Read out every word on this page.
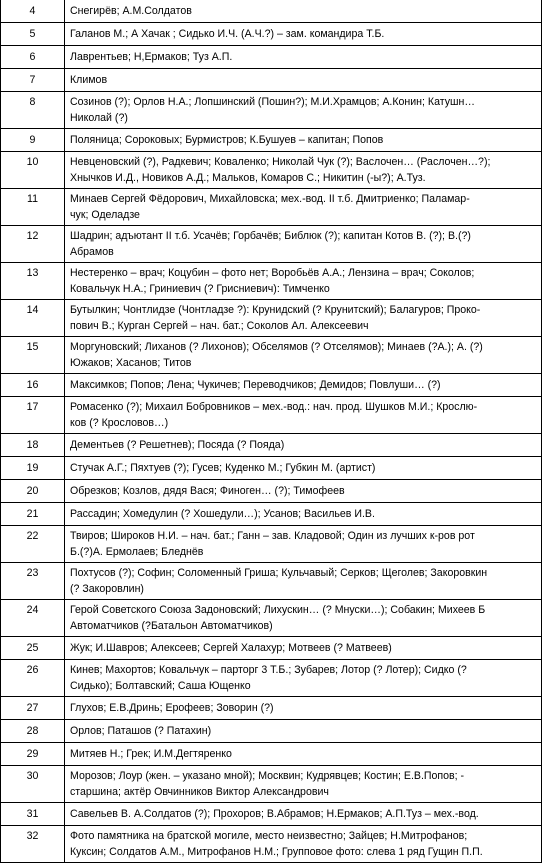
4	Снегирёв; А.М.Солдатов
5	Галанов М.; А Хачак ; Сидько И.Ч. (А.Ч.?) – зам. командира Т.Б.
6	Лаврентьев; Н,Ермаков; Туз А.П.
7	Климов
8	Созинов (?); Орлов Н.А.; Лопшинский (Пошин?); М.И.Храмцов; А.Конин; Катушн…
Николай (?)
9	Поляница; Сороковых; Бурмистров; К.Бушуев – капитан; Попов
10	Невценовский (?), Радкевич; Коваленко; Николай Чук (?); Васлочен… (Раслочен…?);
Хнычков И.Д., Новиков А.Д.; Мальков, Комаров С.; Никитин (-ы?); А.Туз.
11	Минаев Сергей Фёдорович, Михайловска; мех.-вод. II т.б. Дмитриенко; Паламар-
чук; Оделадзе
12	Шадрин; адъютант II т.б. Усачёв; Горбачёв; Библюк (?); капитан Котов В. (?); В.(?)
Абрамов
13	Нестеренко – врач; Коцубин – фото нет; Воробьёв А.А.; Лензина – врач; Соколов;
Ковальчук Н.А.; Гриниевич (? Грисниевич): Тимченко
14	Бутылкин; Чонтлидзе (Чонтладзе ?): Крунидский (? Крунитский); Балагуров; Проко-
пович В.; Курган Сергей – нач. бат.; Соколов Ал. Алексеевич
15	Моргуновский; Лиханов (? Лихонов); Обселямов (? Отселямов); Минаев (?А.); А. (?)
Южаков; Хасанов; Титов
16	Максимков; Попов; Лена; Чукичев; Переводчиков; Демидов; Повлуши… (?)
17	Ромасенко (?); Михаил Бобровников – мех.-вод.: нач. прод. Шушков М.И.; Крослю-
ков (? Крословов…)
18	Дементьев (? Решетнев); Посяда (? Поядa)
19	Стучак А.Г.; Пяхтуев (?); Гусев; Куденко М.; Губкин М. (артист)
20	Обрезков; Козлов, дядя Вася; Финоген… (?); Тимофеев
21	Рассадин; Хомедулин (? Хошедули…); Усанов; Васильев И.В.
22	Твиров; Широков Н.И. – нач. бат.; Ганн – зав. Кладовой; Один из лучших к-ров рот
Б.(?)А. Ермолаев; Бледнёв
23	Похтусов (?); Софин; Соломенный Гриша; Кульчавый; Серков; Щеголев; Закоровкин
(? Закоровлин)
24	Герой Советского Союза Задоновский; Лихускин… (? Мнуски…); Собакин; Михеев Б
Автоматчиков (?Батальон Автоматчиков)
25	Жук; И.Шавров; Алексеев; Сергей Халахур; Мотвеев (? Матвеев)
26	Кинев; Махортов; Ковальчук – парторг 3 Т.Б.; Зубарев; Лотор (? Лотер); Сидко (?
Сидько); Болтавский; Саша Ющенко
27	Глухов; Е.В.Дринь; Ерофеев; Зоворин (?)
28	Орлов; Паташов (? Патахин)
29	Митяев Н.; Грек; И.М.Дегтяренко
30	Морозов; Лоур (жен. – указано мной); Москвин; Кудрявцев; Костин; Е.В.Попов; -
старшина; актёр Овчинников Виктор Александрович
31	Савельев В. А.Солдатов (?); Прохоров; В.Абрамов; Н.Ермаков; А.П.Туз – мех.-вод.
32	Фото памятника на братской могиле, место неизвестно; Зайцев; Н.Митрофанов;
Куксин; Солдатов А.М., Митрофанов Н.М.; Групповое фото: слева 1 ряд Гущин П.П.
